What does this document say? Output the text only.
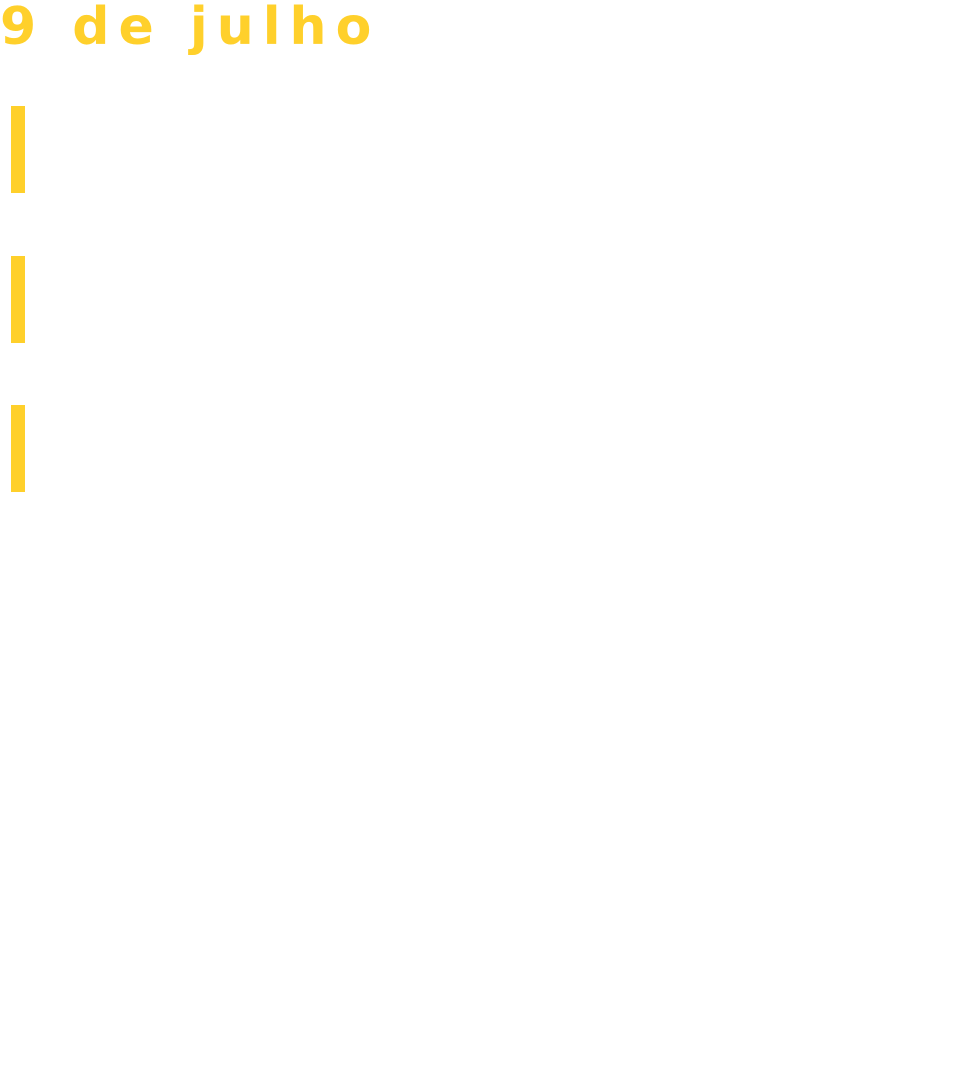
9 de julho
